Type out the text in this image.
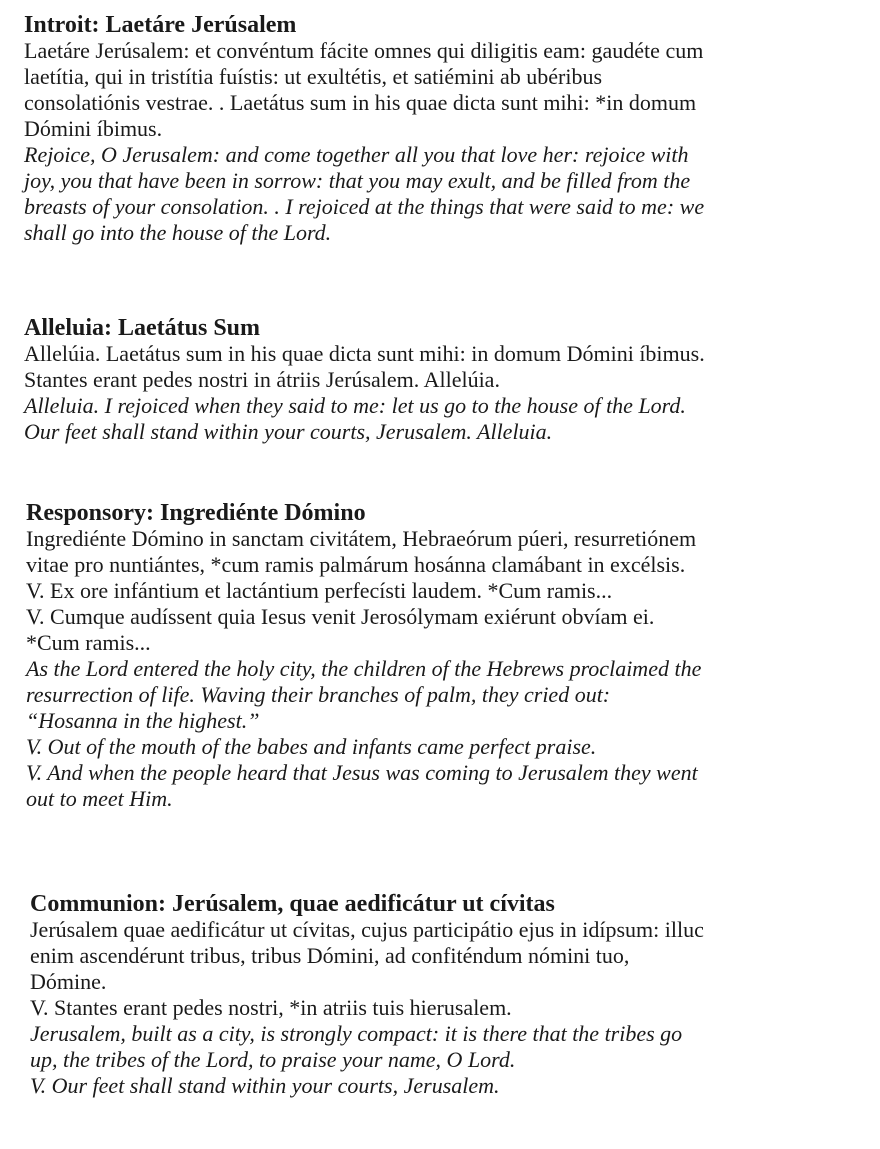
Introit: Laetáre Jerúsalem
Laetáre Jerúsalem: et convéntum fácite omnes qui diligitis eam: gaudéte cum
laetítia, qui in tristítia fuístis: ut exultétis, et satiémini ab ubéribus
consolatiónis vestrae. . Laetátus sum in his quae dicta sunt mihi: *in domum
Dómini íbimus.
Rejoice, O Jerusalem: and come together all you that love her: rejoice with
joy, you that have been in sorrow: that you may exult, and be filled from the
breasts of your consolation. . I rejoiced at the things that were said to me: we
shall go into the house of the Lord.
Alleluia: Laetátus Sum
Allelúia. Laetátus sum in his quae dicta sunt mihi: in domum Dómini íbimus.
Stantes erant pedes nostri in átriis Jerúsalem. Allelúia.
Alleluia. I rejoiced when they said to me: let us go to the house of the Lord.
Our feet shall stand within your courts, Jerusalem. Alleluia.
Responsory: Ingrediénte Dómino
Ingrediénte Dómino in sanctam civitátem, Hebraeórum púeri, resurretiónem
vitae pro nuntiántes, *cum ramis palmárum hosánna clamábant in excélsis.
V. Ex ore infántium et lactántium perfecísti laudem. *Cum ramis...
V. Cumque audíssent quia Iesus venit Jerosólymam exiérunt obvíam ei.
*Cum ramis...
As the Lord entered the holy city, the children of the Hebrews proclaimed the
resurrection of life. Waving their branches of palm, they cried out:
“Hosanna in the highest.”
V. Out of the mouth of the babes and infants came perfect praise.
V. And when the people heard that Jesus was coming to Jerusalem they went
out to meet Him.
Communion: Jerúsalem, quae aedificátur ut cívitas
Jerúsalem quae aedificátur ut cívitas, cujus participátio ejus in idípsum: illuc
enim ascendérunt tribus, tribus Dómini, ad confiténdum nómini tuo,
Dómine.
V. Stantes erant pedes nostri, *in atriis tuis hierusalem.
Jerusalem, built as a city, is strongly compact: it is there that the tribes go
up, the tribes of the Lord, to praise your name, O Lord.
V. Our feet shall stand within your courts, Jerusalem.
